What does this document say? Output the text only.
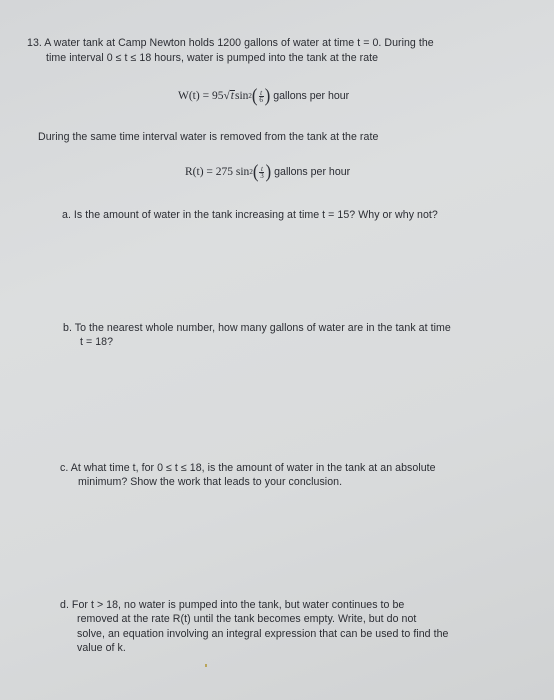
13. A water tank at Camp Newton holds 1200 gallons of water at time t = 0. During the
time interval 0 ≤ t ≤ 18 hours, water is pumped into the tank at the rate
W(t) = 95 √ t sin 2 ( $\frac{t}{6}$ ) gallons per hour
During the same time interval water is removed from the tank at the rate
R(t) = 275 sin 2 ( $\frac{t}{3}$ ) gallons per hour
a. Is the amount of water in the tank increasing at time t = 15? Why or why not?
b. To the nearest whole number, how many gallons of water are in the tank at time
t = 18?
c. At what time t, for 0 ≤ t ≤ 18, is the amount of water in the tank at an absolute
minimum? Show the work that leads to your conclusion.
d. For t > 18, no water is pumped into the tank, but water continues to be
removed at the rate R(t) until the tank becomes empty. Write, but do not
solve, an equation involving an integral expression that can be used to find the
value of k.
